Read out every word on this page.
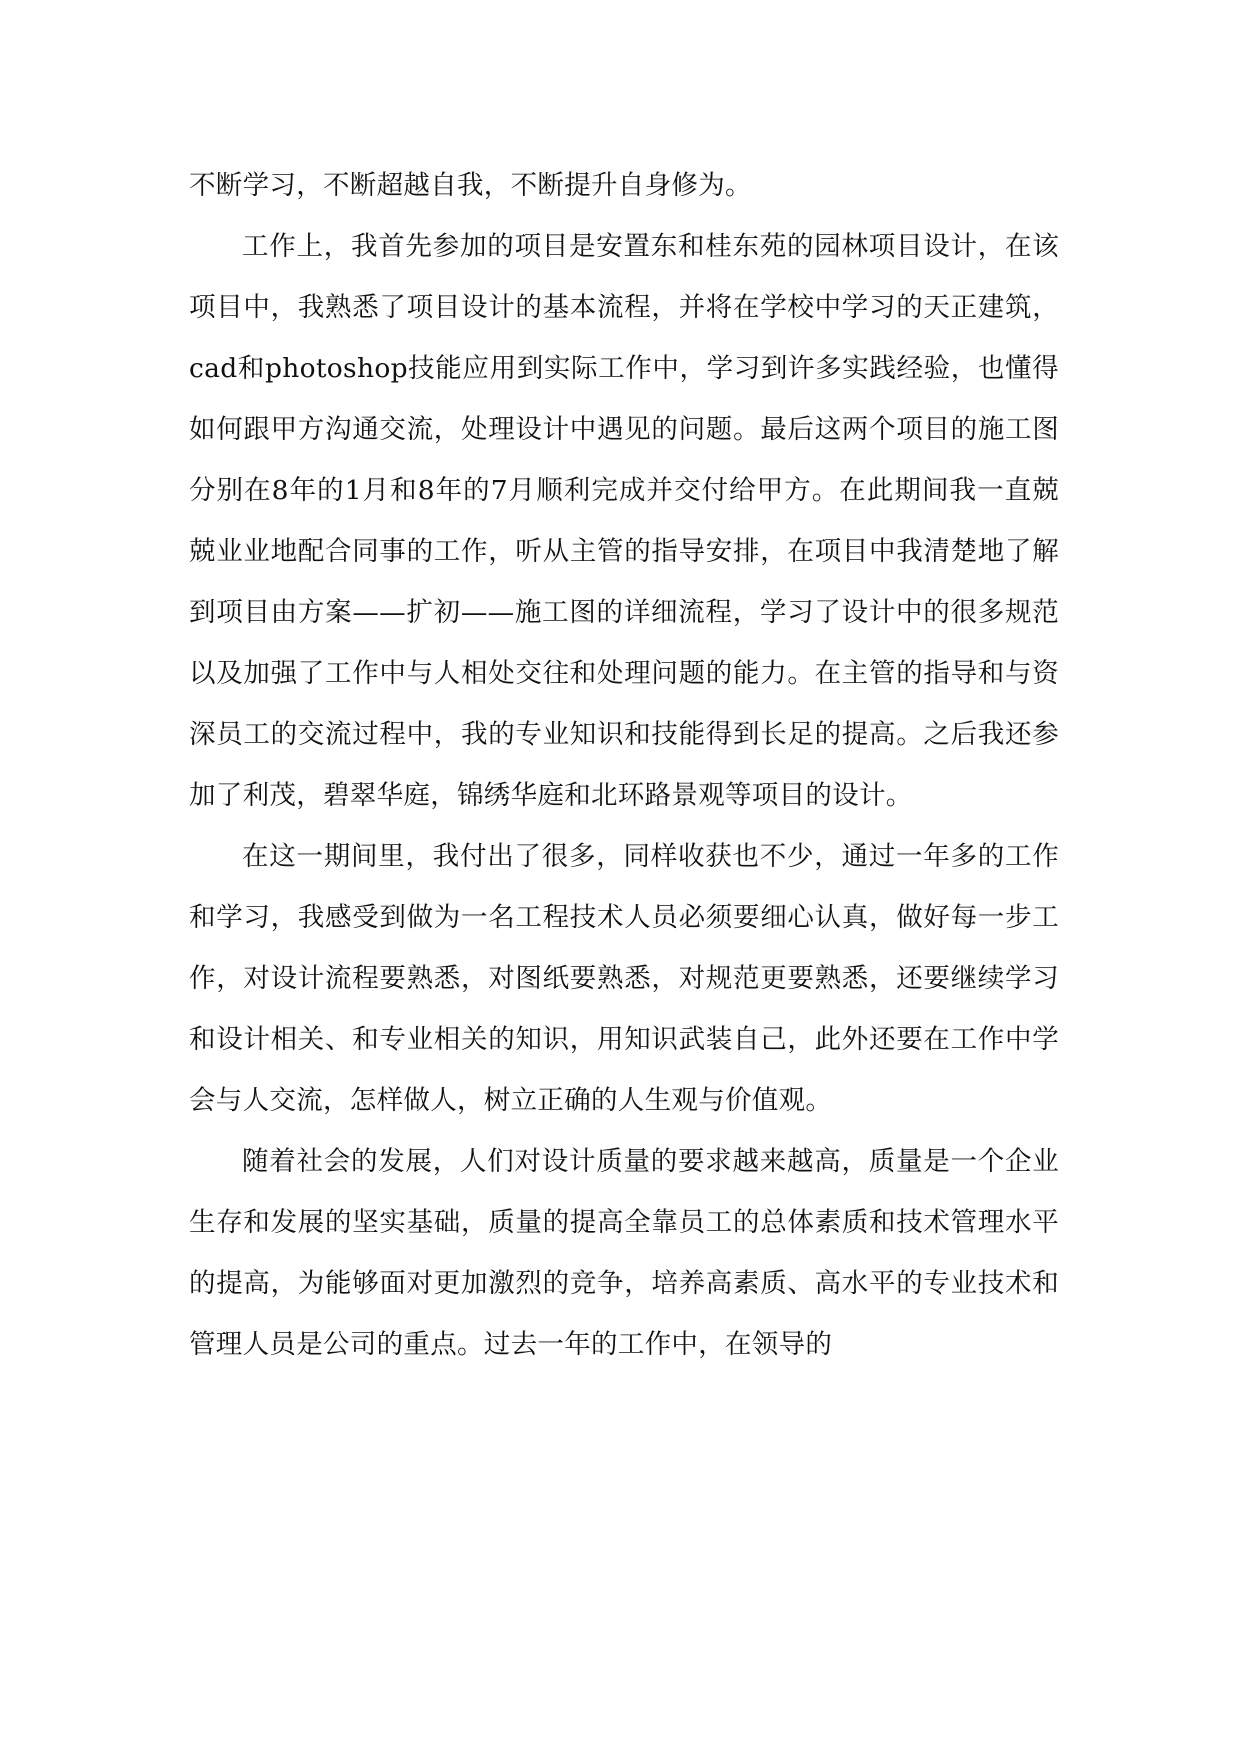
不断学习，不断超越自我，不断提升自身修为。

工作上，我首先参加的项目是安置东和桂东苑的园林项目设计，在该项目中，我熟悉了项目设计的基本流程，并将在学校中学习的天正建筑，cad和photoshop技能应用到实际工作中，学习到许多实践经验，也懂得如何跟甲方沟通交流，处理设计中遇见的问题。最后这两个项目的施工图分别在8年的1月和8年的7月顺利完成并交付给甲方。在此期间我一直兢兢业业地配合同事的工作，听从主管的指导安排，在项目中我清楚地了解到项目由方案——扩初——施工图的详细流程，学习了设计中的很多规范以及加强了工作中与人相处交往和处理问题的能力。在主管的指导和与资深员工的交流过程中，我的专业知识和技能得到长足的提高。之后我还参加了利茂，碧翠华庭，锦绣华庭和北环路景观等项目的设计。

在这一期间里，我付出了很多，同样收获也不少，通过一年多的工作和学习，我感受到做为一名工程技术人员必须要细心认真，做好每一步工作，对设计流程要熟悉，对图纸要熟悉，对规范更要熟悉，还要继续学习和设计相关、和专业相关的知识，用知识武装自己，此外还要在工作中学会与人交流，怎样做人，树立正确的人生观与价值观。

随着社会的发展，人们对设计质量的要求越来越高，质量是一个企业生存和发展的坚实基础，质量的提高全靠员工的总体素质和技术管理水平的提高，为能够面对更加激烈的竞争，培养高素质、高水平的专业技术和管理人员是公司的重点。过去一年的工作中，在领导的
